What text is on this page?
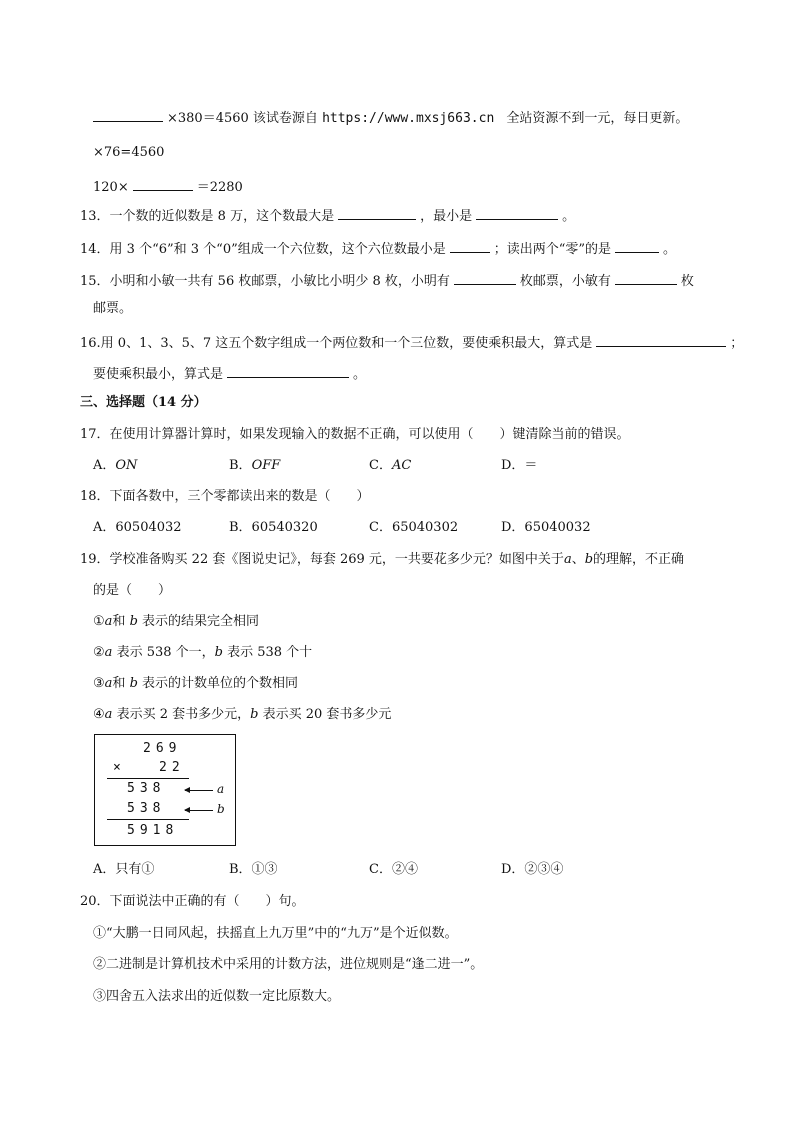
×380＝4560 该试卷源自 https://www.mxsj663.cn 全站资源不到一元，每日更新。
×76=4560
120×	＝2280
13．一个数的近似数是 8 万，这个数最大是	，最小是	。
14．用 3 个“6”和 3 个“0”组成一个六位数，这个六位数最小是	；读出两个“零”的是	。
15．小明和小敏一共有 56 枚邮票，小敏比小明少 8 枚，小明有	枚邮票，小敏有	枚
邮票。
16.用 0、1、3、5、7 这五个数字组成一个两位数和一个三位数，要使乘积最大，算式是	；
要使乘积最小，算式是	。
三、选择题（14 分）
17．在使用计算器计算时，如果发现输入的数据不正确，可以使用（　　）键清除当前的错误。
A．ON	B．OFF	C．AC	D．＝
18．下面各数中，三个零都读出来的数是（　　）
A．60504032	B．60540320	C．65040302	D．65040032
19．学校准备购买 22 套《图说史记》，每套 269 元，一共要花多少元？如图中关于a、b的理解，不正确
的是（　　）
①a和 b 表示的结果完全相同
②a 表示 538 个一，b 表示 538 个十
③a和 b 表示的计数单位的个数相同
④a 表示买 2 套书多少元，b 表示买 20 套书多少元
269
×	22
538	a
538	b
5918
A．只有①	B．①③	C．②④	D．②③④
20．下面说法中正确的有（　　）句。
①“大鹏一日同风起，扶摇直上九万里”中的“九万”是个近似数。
②二进制是计算机技术中采用的计数方法，进位规则是“逢二进一”。
③四舍五入法求出的近似数一定比原数大。
